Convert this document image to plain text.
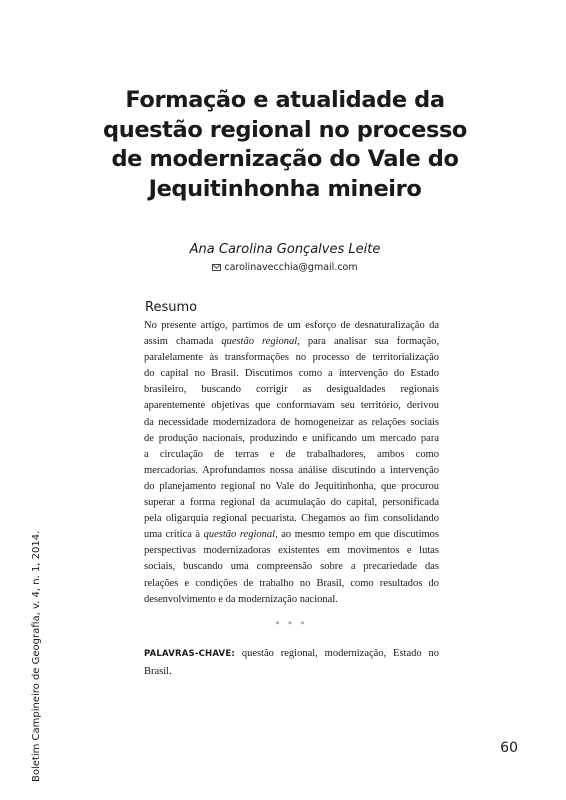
Formação e atualidade da
questão regional no processo
de modernização do Vale do
Jequitinhonha mineiro
Ana Carolina Gonçalves Leite
carolinavecchia@gmail.com
Resumo
No presente artigo, partimos de um esforço de desnaturalização da
assim chamada questão regional, para analisar sua formação,
paralelamente às transformações no processo de territorialização
do capital no Brasil. Discutimos como a intervenção do Estado
brasileiro, buscando corrigir as desigualdades regionais
aparentemente objetivas que conformavam seu território, derivou
da necessidade modernizadora de homogeneizar as relações sociais
de produção nacionais, produzindo e unificando um mercado para
a circulação de terras e de trabalhadores, ambos como
mercadorias. Aprofundamos nossa análise discutindo a intervenção
do planejamento regional no Vale do Jequitinhonha, que procurou
superar a forma regional da acumulação do capital, personificada
pela oligarquia regional pecuarista. Chegamos ao fim consolidando
uma crítica à questão regional, ao mesmo tempo em que discutimos
perspectivas modernizadoras existentes em movimentos e lutas
sociais, buscando uma compreensão sobre a precariedade das
relações e condições de trabalho no Brasil, como resultados do
desenvolvimento e da modernização nacional.
* * *
PALAVRAS-CHAVE: questão regional, modernização, Estado no
Brasil.
Boletim Campineiro de Geografia, v. 4, n. 1, 2014.	60
